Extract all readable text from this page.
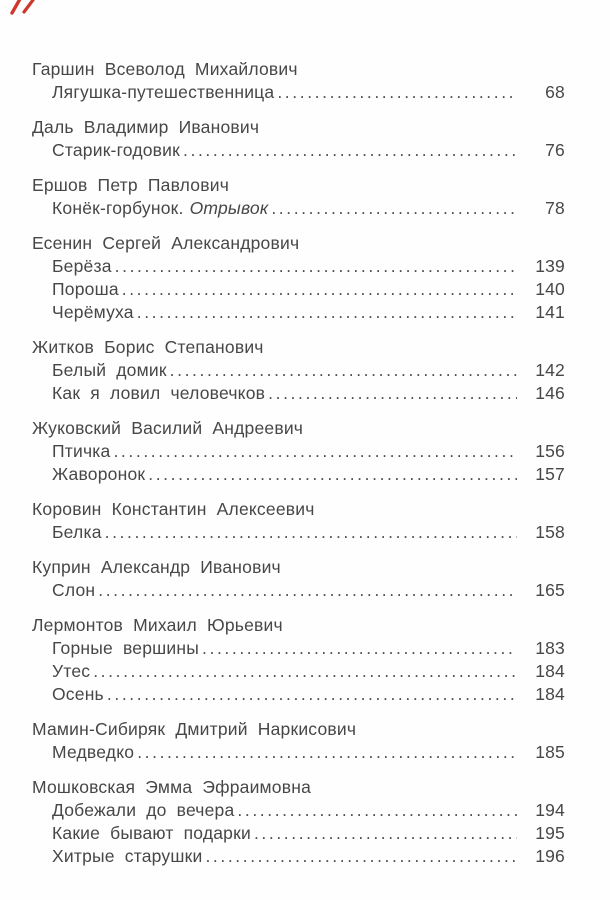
Гаршин Всеволод Михайлович
Лягушка-путешественница .....	68
Даль Владимир Иванович
Старик-годовик .....	76
Ершов Петр Павлович
Конёк-горбунок. Отрывок .....	78
Есенин Сергей Александрович
Берёза .....	139
Пороша .....	140
Черёмуха .....	141
Житков Борис Степанович
Белый домик .....	142
Как я ловил человечков .....	146
Жуковский Василий Андреевич
Птичка .....	156
Жаворонок .....	157
Коровин Константин Алексеевич
Белка .....	158
Куприн Александр Иванович
Слон .....	165
Лермонтов Михаил Юрьевич
Горные вершины .....	183
Утес .....	184
Осень .....	184
Мамин-Сибиряк Дмитрий Наркисович
Медведко .....	185
Мошковская Эмма Эфраимовна
Добежали до вечера .....	194
Какие бывают подарки .....	195
Хитрые старушки .....	196
